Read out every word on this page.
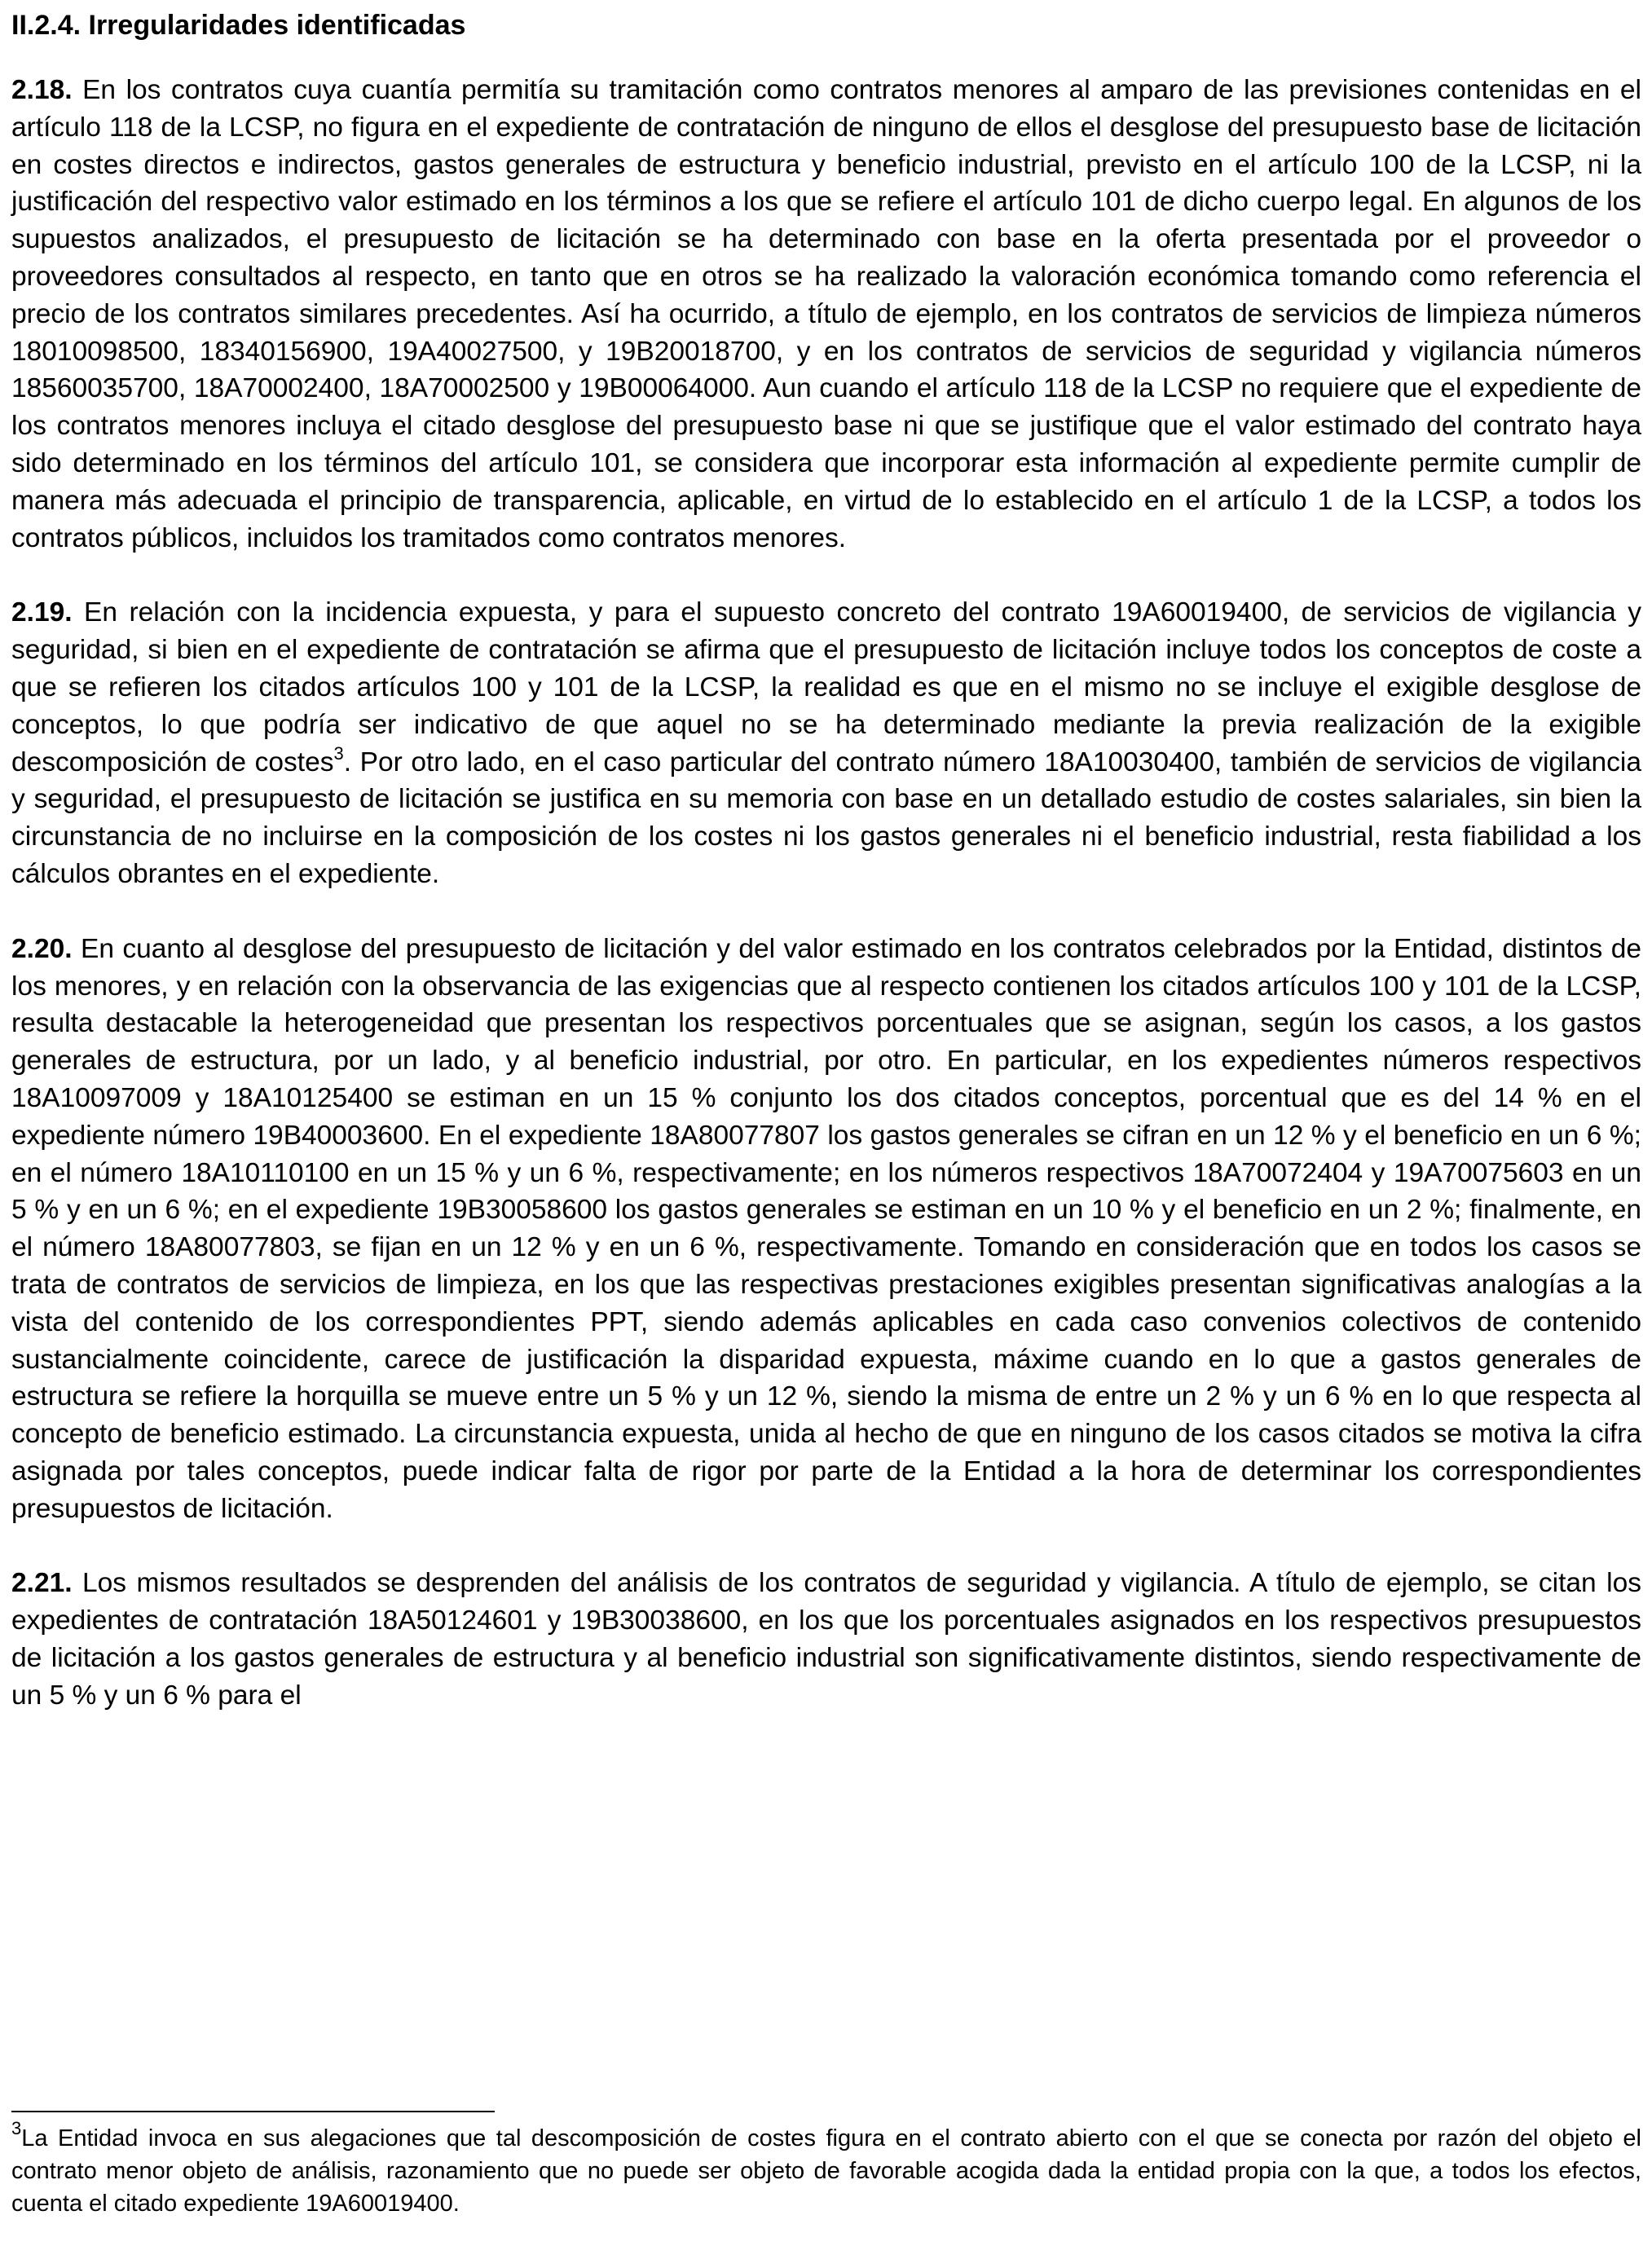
II.2.4. Irregularidades identificadas

2.18. En los contratos cuya cuantía permitía su tramitación como contratos menores al amparo de las previsiones contenidas en el artículo 118 de la LCSP, no figura en el expediente de contratación de ninguno de ellos el desglose del presupuesto base de licitación en costes directos e indirectos, gastos generales de estructura y beneficio industrial, previsto en el artículo 100 de la LCSP, ni la justificación del respectivo valor estimado en los términos a los que se refiere el artículo 101 de dicho cuerpo legal. En algunos de los supuestos analizados, el presupuesto de licitación se ha determinado con base en la oferta presentada por el proveedor o proveedores consultados al respecto, en tanto que en otros se ha realizado la valoración económica tomando como referencia el precio de los contratos similares precedentes. Así ha ocurrido, a título de ejemplo, en los contratos de servicios de limpieza números 18010098500, 18340156900, 19A40027500, y 19B20018700, y en los contratos de servicios de seguridad y vigilancia números 18560035700, 18A70002400, 18A70002500 y 19B00064000. Aun cuando el artículo 118 de la LCSP no requiere que el expediente de los contratos menores incluya el citado desglose del presupuesto base ni que se justifique que el valor estimado del contrato haya sido determinado en los términos del artículo 101, se considera que incorporar esta información al expediente permite cumplir de manera más adecuada el principio de transparencia, aplicable, en virtud de lo establecido en el artículo 1 de la LCSP, a todos los contratos públicos, incluidos los tramitados como contratos menores.

2.19. En relación con la incidencia expuesta, y para el supuesto concreto del contrato 19A60019400, de servicios de vigilancia y seguridad, si bien en el expediente de contratación se afirma que el presupuesto de licitación incluye todos los conceptos de coste a que se refieren los citados artículos 100 y 101 de la LCSP, la realidad es que en el mismo no se incluye el exigible desglose de conceptos, lo que podría ser indicativo de que aquel no se ha determinado mediante la previa realización de la exigible descomposición de costes$^3$. Por otro lado, en el caso particular del contrato número 18A10030400, también de servicios de vigilancia y seguridad, el presupuesto de licitación se justifica en su memoria con base en un detallado estudio de costes salariales, sin bien la circunstancia de no incluirse en la composición de los costes ni los gastos generales ni el beneficio industrial, resta fiabilidad a los cálculos obrantes en el expediente.

2.20. En cuanto al desglose del presupuesto de licitación y del valor estimado en los contratos celebrados por la Entidad, distintos de los menores, y en relación con la observancia de las exigencias que al respecto contienen los citados artículos 100 y 101 de la LCSP, resulta destacable la heterogeneidad que presentan los respectivos porcentuales que se asignan, según los casos, a los gastos generales de estructura, por un lado, y al beneficio industrial, por otro. En particular, en los expedientes números respectivos 18A10097009 y 18A10125400 se estiman en un 15 % conjunto los dos citados conceptos, porcentual que es del 14 % en el expediente número 19B40003600. En el expediente 18A80077807 los gastos generales se cifran en un 12 % y el beneficio en un 6 %; en el número 18A10110100 en un 15 % y un 6 %, respectivamente; en los números respectivos 18A70072404 y 19A70075603 en un 5 % y en un 6 %; en el expediente 19B30058600 los gastos generales se estiman en un 10 % y el beneficio en un 2 %; finalmente, en el número 18A80077803, se fijan en un 12 % y en un 6 %, respectivamente. Tomando en consideración que en todos los casos se trata de contratos de servicios de limpieza, en los que las respectivas prestaciones exigibles presentan significativas analogías a la vista del contenido de los correspondientes PPT, siendo además aplicables en cada caso convenios colectivos de contenido sustancialmente coincidente, carece de justificación la disparidad expuesta, máxime cuando en lo que a gastos generales de estructura se refiere la horquilla se mueve entre un 5 % y un 12 %, siendo la misma de entre un 2 % y un 6 % en lo que respecta al concepto de beneficio estimado. La circunstancia expuesta, unida al hecho de que en ninguno de los casos citados se motiva la cifra asignada por tales conceptos, puede indicar falta de rigor por parte de la Entidad a la hora de determinar los correspondientes presupuestos de licitación.

2.21. Los mismos resultados se desprenden del análisis de los contratos de seguridad y vigilancia. A título de ejemplo, se citan los expedientes de contratación 18A50124601 y 19B30038600, en los que los porcentuales asignados en los respectivos presupuestos de licitación a los gastos generales de estructura y al beneficio industrial son significativamente distintos, siendo respectivamente de un 5 % y un 6 % para el

$^3$La Entidad invoca en sus alegaciones que tal descomposición de costes figura en el contrato abierto con el que se conecta por razón del objeto el contrato menor objeto de análisis, razonamiento que no puede ser objeto de favorable acogida dada la entidad propia con la que, a todos los efectos, cuenta el citado expediente 19A60019400.
